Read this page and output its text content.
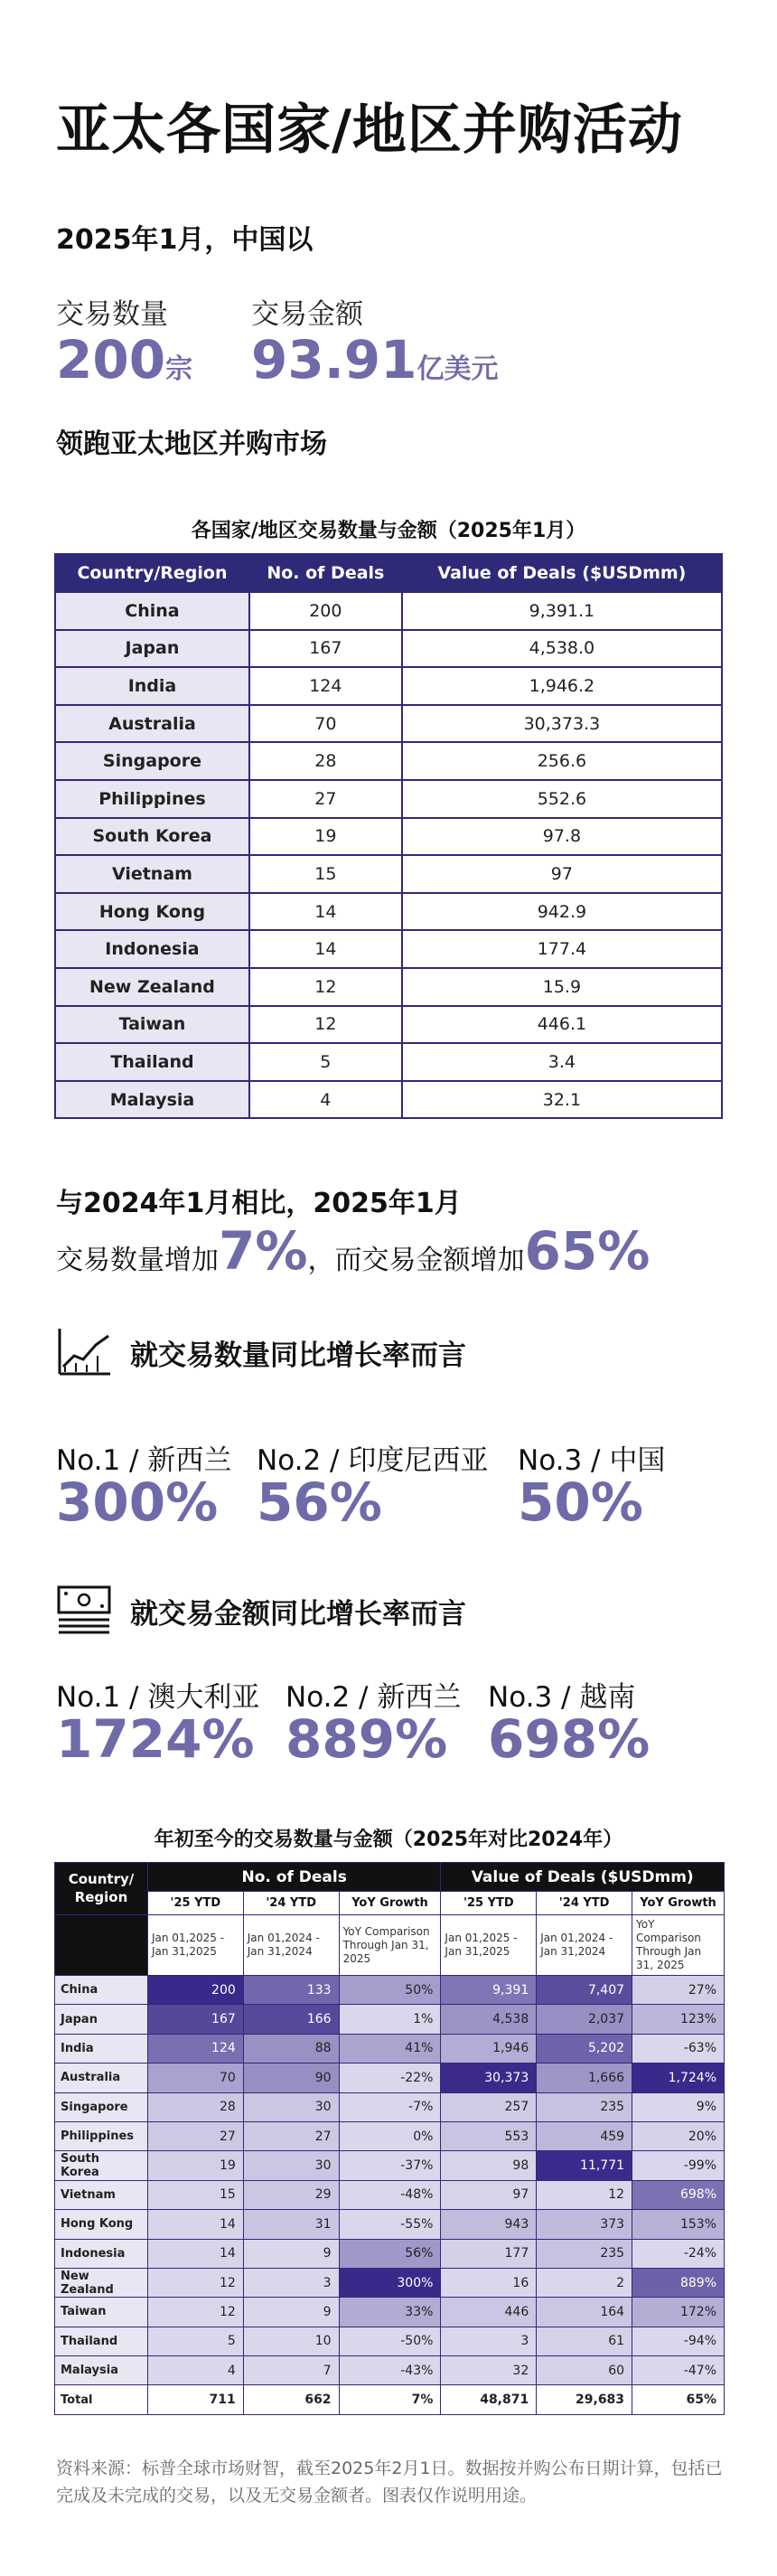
亚太各国家/地区并购活动
2025年1月，中国以
交易数量
200宗
交易金额
93.91亿美元
领跑亚太地区并购市场
各国家/地区交易数量与金额（2025年1月）
Country/Region	No. of Deals	Value of Deals ($USDmm)
China	200	9,391.1
Japan	167	4,538.0
India	124	1,946.2
Australia	70	30,373.3
Singapore	28	256.6
Philippines	27	552.6
South Korea	19	97.8
Vietnam	15	97
Hong Kong	14	942.9
Indonesia	14	177.4
New Zealand	12	15.9
Taiwan	12	446.1
Thailand	5	3.4
Malaysia	4	32.1
与2024年1月相比，2025年1月
交易数量增加7%，而交易金额增加65%
就交易数量同比增长率而言
No.1 / 新西兰
300%
No.2 / 印度尼西亚
56%
No.3 / 中国
50%
就交易金额同比增长率而言
No.1 / 澳大利亚
1724%
No.2 / 新西兰
889%
No.3 / 越南
698%
年初至今的交易数量与金额（2025年对比2024年）
Country/
Region	No. of Deals			Value of Deals ($USDmm)		
	'25 YTD	'24 YTD	YoY Growth	'25 YTD	'24 YTD	YoY Growth
	Jan 01,2025 - Jan 31,2025	Jan 01,2024 - Jan 31,2024	YoY Comparison Through Jan 31, 2025	Jan 01,2025 - Jan 31,2025	Jan 01,2024 - Jan 31,2024	YoY Comparison Through Jan 31, 2025
China	200	133	50%	9,391	7,407	27%
Japan	167	166	1%	4,538	2,037	123%
India	124	88	41%	1,946	5,202	-63%
Australia	70	90	-22%	30,373	1,666	1,724%
Singapore	28	30	-7%	257	235	9%
Philippines	27	27	0%	553	459	20%
South Korea	19	30	-37%	98	11,771	-99%
Vietnam	15	29	-48%	97	12	698%
Hong Kong	14	31	-55%	943	373	153%
Indonesia	14	9	56%	177	235	-24%
New Zealand	12	3	300%	16	2	889%
Taiwan	12	9	33%	446	164	172%
Thailand	5	10	-50%	3	61	-94%
Malaysia	4	7	-43%	32	60	-47%
Total	711	662	7%	48,871	29,683	65%
资料来源：标普全球市场财智，截至2025年2月1日。数据按并购公布日期计算，包括已完成及未完成的交易，以及无交易金额者。图表仅作说明用途。
